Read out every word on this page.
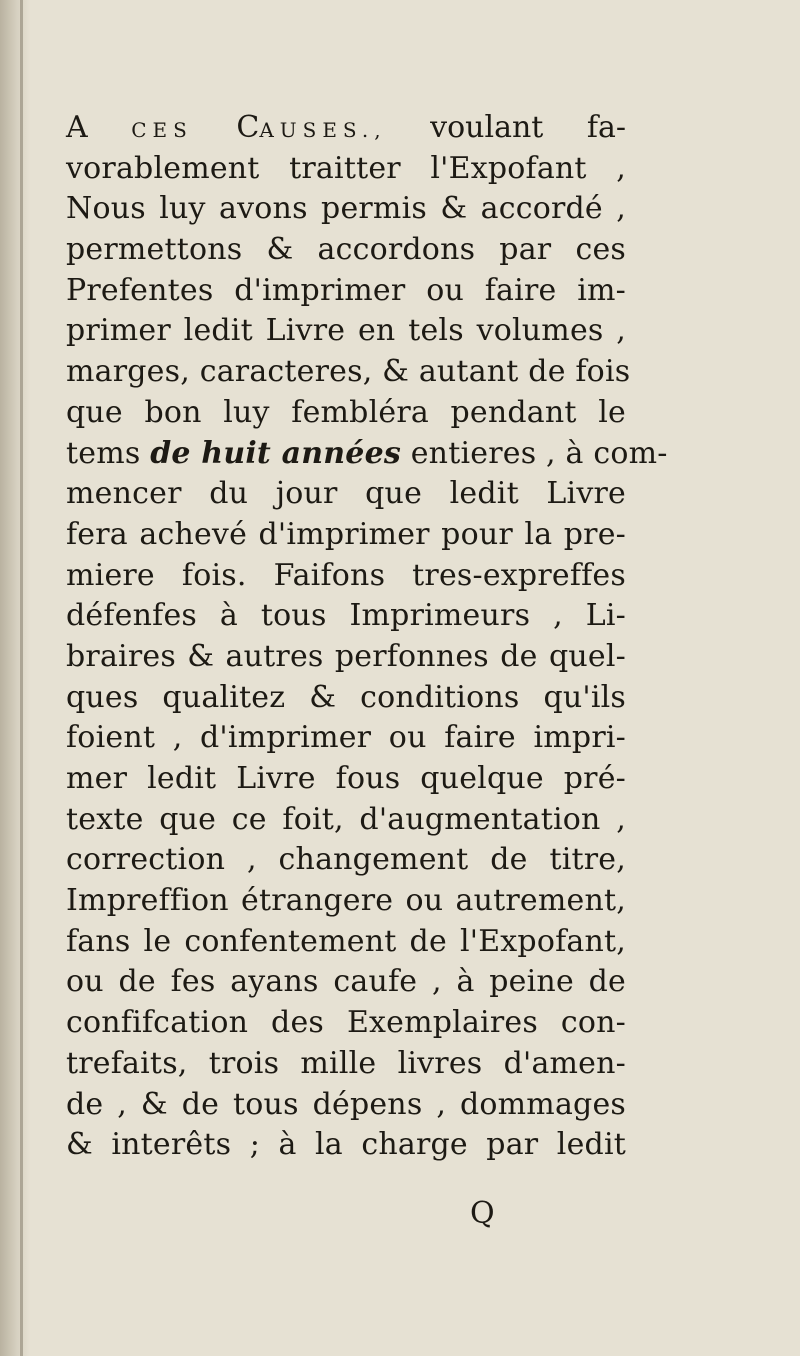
A CES CAUSES., voulant fa-
vorablement traitter l'Expofant ,
Nous luy avons permis & accordé ,
permettons & accordons par ces
Prefentes d'imprimer ou faire im-
primer ledit Livre en tels volumes ,
marges, caracteres, & autant de fois
que bon luy fembléra pendant le
tems de huit années entieres , à com-
mencer du jour que ledit Livre
fera achevé d'imprimer pour la pre-
miere fois. Faifons tres-expreffes
défenfes à tous Imprimeurs , Li-
braires & autres perfonnes de quel-
ques qualitez & conditions qu'ils
foient , d'imprimer ou faire impri-
mer ledit Livre fous quelque pré-
texte que ce foit, d'augmentation ,
correction , changement de titre,
Impreffion étrangere ou autrement,
fans le confentement de l'Expofant,
ou de fes ayans caufe , à peine de
confifcation des Exemplaires con-
trefaits, trois mille livres d'amen-
de , & de tous dépens , dommages
& interêts ; à la charge par ledit
Q
